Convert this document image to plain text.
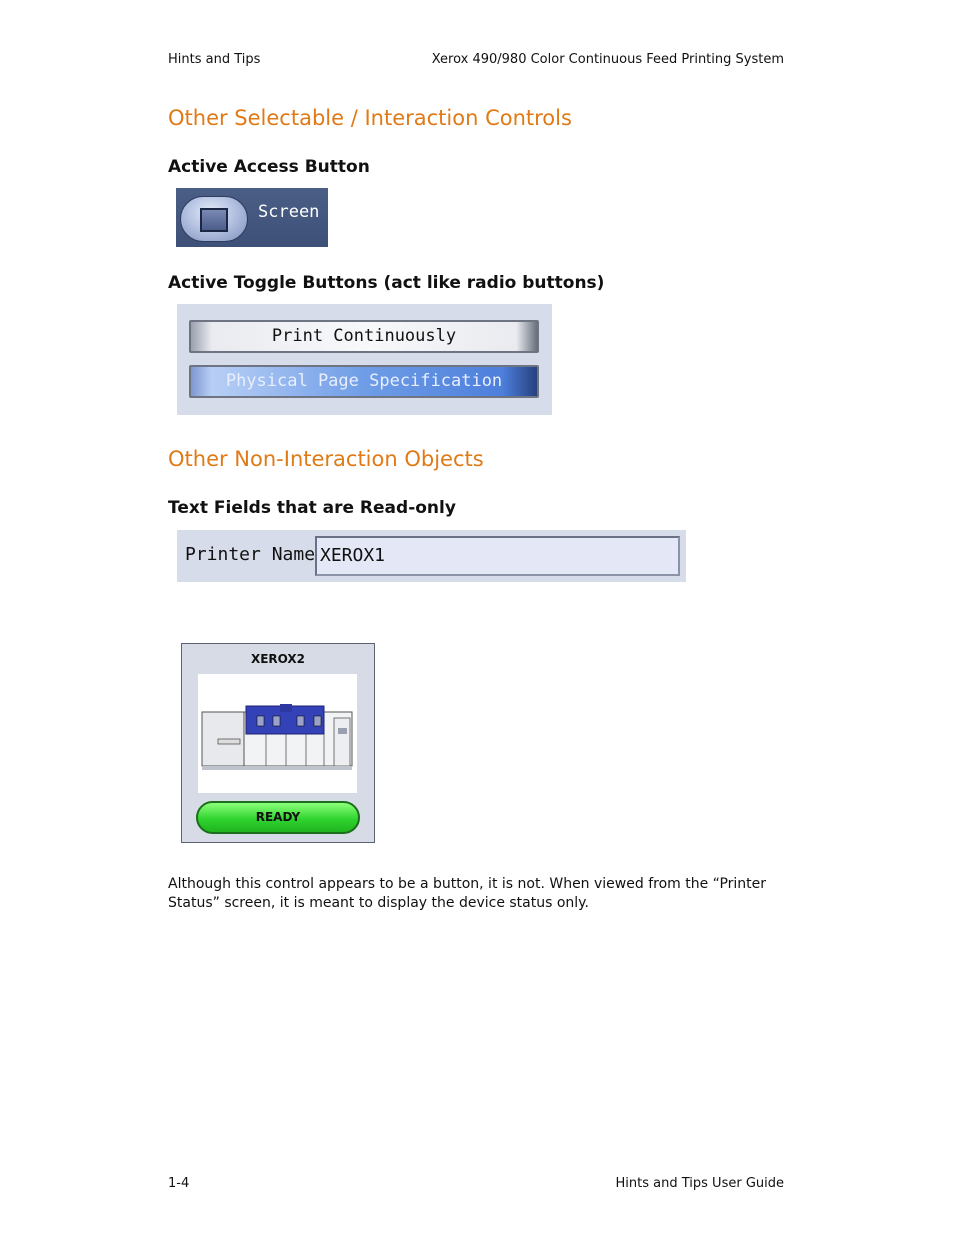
Hints and Tips	Xerox 490/980 Color Continuous Feed Printing System
Other Selectable / Interaction Controls
Active Access Button
Screen
Active Toggle Buttons (act like radio buttons)
Print Continuously
Physical Page Specification
Other Non-Interaction Objects
Text Fields that are Read-only
Printer Name XEROX1
XEROX2
READY
Although this control appears to be a button, it is not. When viewed from the “Printer Status” screen, it is meant to display the device status only.
1-4	Hints and Tips User Guide
